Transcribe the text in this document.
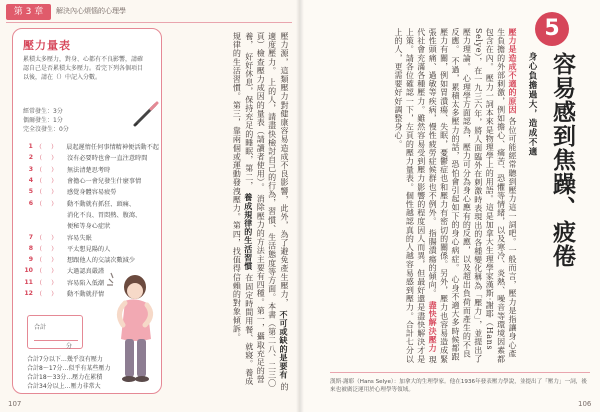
第 3 章	解決內心煩惱的心理學
壓力量表
累積太多壓力，對身、心都有不良影響，請確認自己是否累積太多壓力。看完下列各個項目以後，請在（）中記入分數。
經常發生：3分
偶爾發生：1分
完全沒發生：0分
1 （） 晨起遲惰任何事情精神便活動不起
2 （） 沒有必要時也會一直注意時間
3 （） 無法清楚思考時
4 （） 會擔心一會兒發生什麼事情
5 （） 感覺身體容易疲勞
6 （） 動不動就有抓狂、頭痛、
消化不良、胃悶熱、腹瀉、
便秘等身心症狀
7 （） 容易失眠
8 （） 平太想見陽的人
9 （） 想跟他人的交談次數減少
10 （） 大過認真嚴謹
11 （） 容易陷入低潮
12 （） 動不動就抒情
合計
分
合計7分以下…幾乎沒有壓力
合計8〜17分…似乎有某些壓力
合計18〜33分…壓力在累積
合計34分以上…壓力非常大
壓力源，這類壓力對健康容易造成不良影響，此外，為了避免產生壓力， 不可或缺的是要有 的適度壓力。 上的人，請盡快檢討自己的行為，習慣、生活態度等方面。本書（第二八、二三〇頁）檢查壓力成因的量表（請讀者使用）。 消除壓力的方法主要有四種。第一，攝取充足的營養， 好好休息，保持充足的睡眠，第二， 養成規律的生活習慣 在固定時間用餐、就寢。養成規律的生活習慣。第三，靠兩個或運動發洩壓力。第四，找值得信賴的對象傾訴。
107
5
容易感到焦躁、疲倦
身心負擔過大，造成不適
壓力是造成不適的原因 各位可能經常聽到壓力這一詞吧。一般而言，壓力是指讓身心產生負擔的外部刺激，例如擔心、痛苦、恐懼等情緒，以及寒冷、炎熱、噪音等環境因素都包含在內。 壓力一詞本來是物理學上的用語。這是加拿大生理學家漢斯·謝耶（Hans Selye），在一九三六年，將人面臨外在刺激時表現出的各種變化稱為「壓力」，並提出了壓力理論。 心理學方面認為，壓力可分為身心應有的反應，以及超出負荷而產生的不良反應。 不過，累積太多壓力的話，恐怕會引起如下的身心病症。 心身不適大多時候都跟壓力有關，例如胃潰瘍、失眠，憂鬱症也和壓力有密切的關係。另外，壓力也容易造成緊張性頭痛、過敏等疾病，慢性疲勞症候群也不例外。 指腸潰瘍的傾向。 盡快解決壓力 現代社會充滿各種壓力。雖然容易受到壓力影響的程度因人而異，但最好還是盡快解決才是上策。請各位確認一下，左頁的壓力量表。個性越認真的人越容易感到壓力。合計七分以上的人，更需要好好調整身心。
漢斯·謝耶（Hans Selye）：加拿大的生理學家。他在1936年發表壓力學說，並提出了「壓力」一詞，後來也被廣泛運用於心理學等領域。
106
